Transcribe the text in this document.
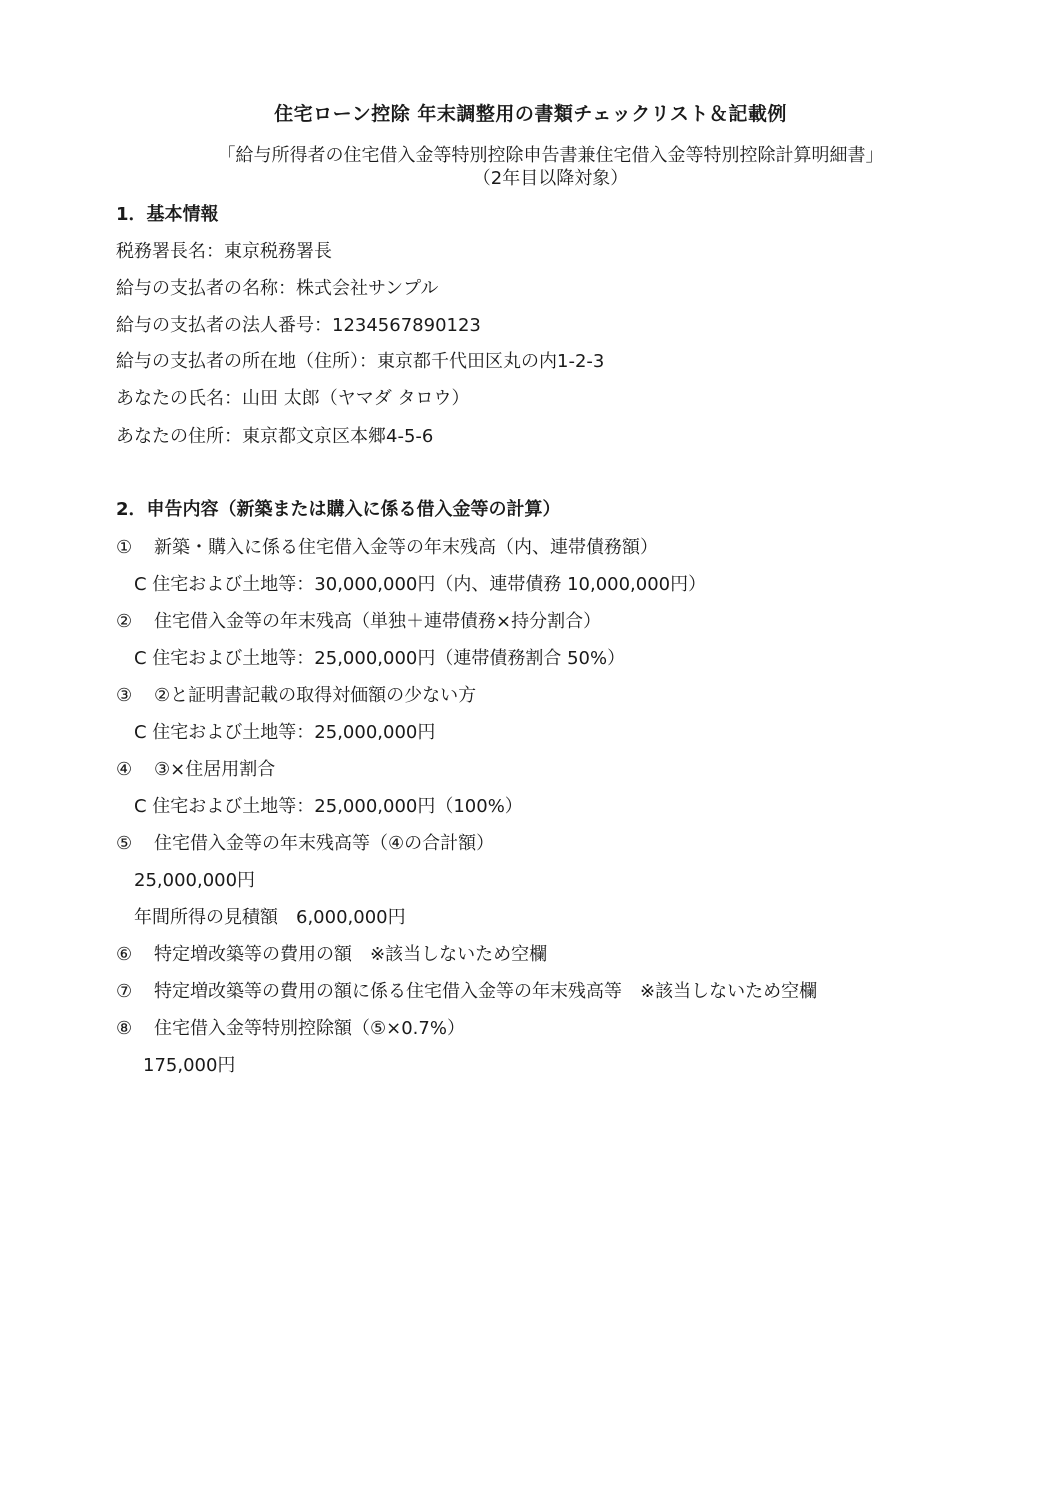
住宅ローン控除 年末調整用の書類チェックリスト＆記載例
「給与所得者の住宅借入金等特別控除申告書兼住宅借入金等特別控除計算明細書」
（2年目以降対象）
1．基本情報
税務署長名：東京税務署長
給与の支払者の名称：株式会社サンプル
給与の支払者の法人番号：1234567890123
給与の支払者の所在地（住所）：東京都千代田区丸の内1-2-3
あなたの氏名：山田 太郎（ヤマダ タロウ）
あなたの住所：東京都文京区本郷4-5-6
2．申告内容（新築または購入に係る借入金等の計算）
① 新築・購入に係る住宅借入金等の年末残高（内、連帯債務額）
C 住宅および土地等：30,000,000円（内、連帯債務 10,000,000円）
② 住宅借入金等の年末残高（単独＋連帯債務×持分割合）
C 住宅および土地等：25,000,000円（連帯債務割合 50%）
③ ②と証明書記載の取得対価額の少ない方
C 住宅および土地等：25,000,000円
④ ③×住居用割合
C 住宅および土地等：25,000,000円（100%）
⑤ 住宅借入金等の年末残高等（④の合計額）
25,000,000円
年間所得の見積額　6,000,000円
⑥ 特定増改築等の費用の額　※該当しないため空欄
⑦ 特定増改築等の費用の額に係る住宅借入金等の年末残高等　※該当しないため空欄
⑧ 住宅借入金等特別控除額（⑤×0.7%）
175,000円
